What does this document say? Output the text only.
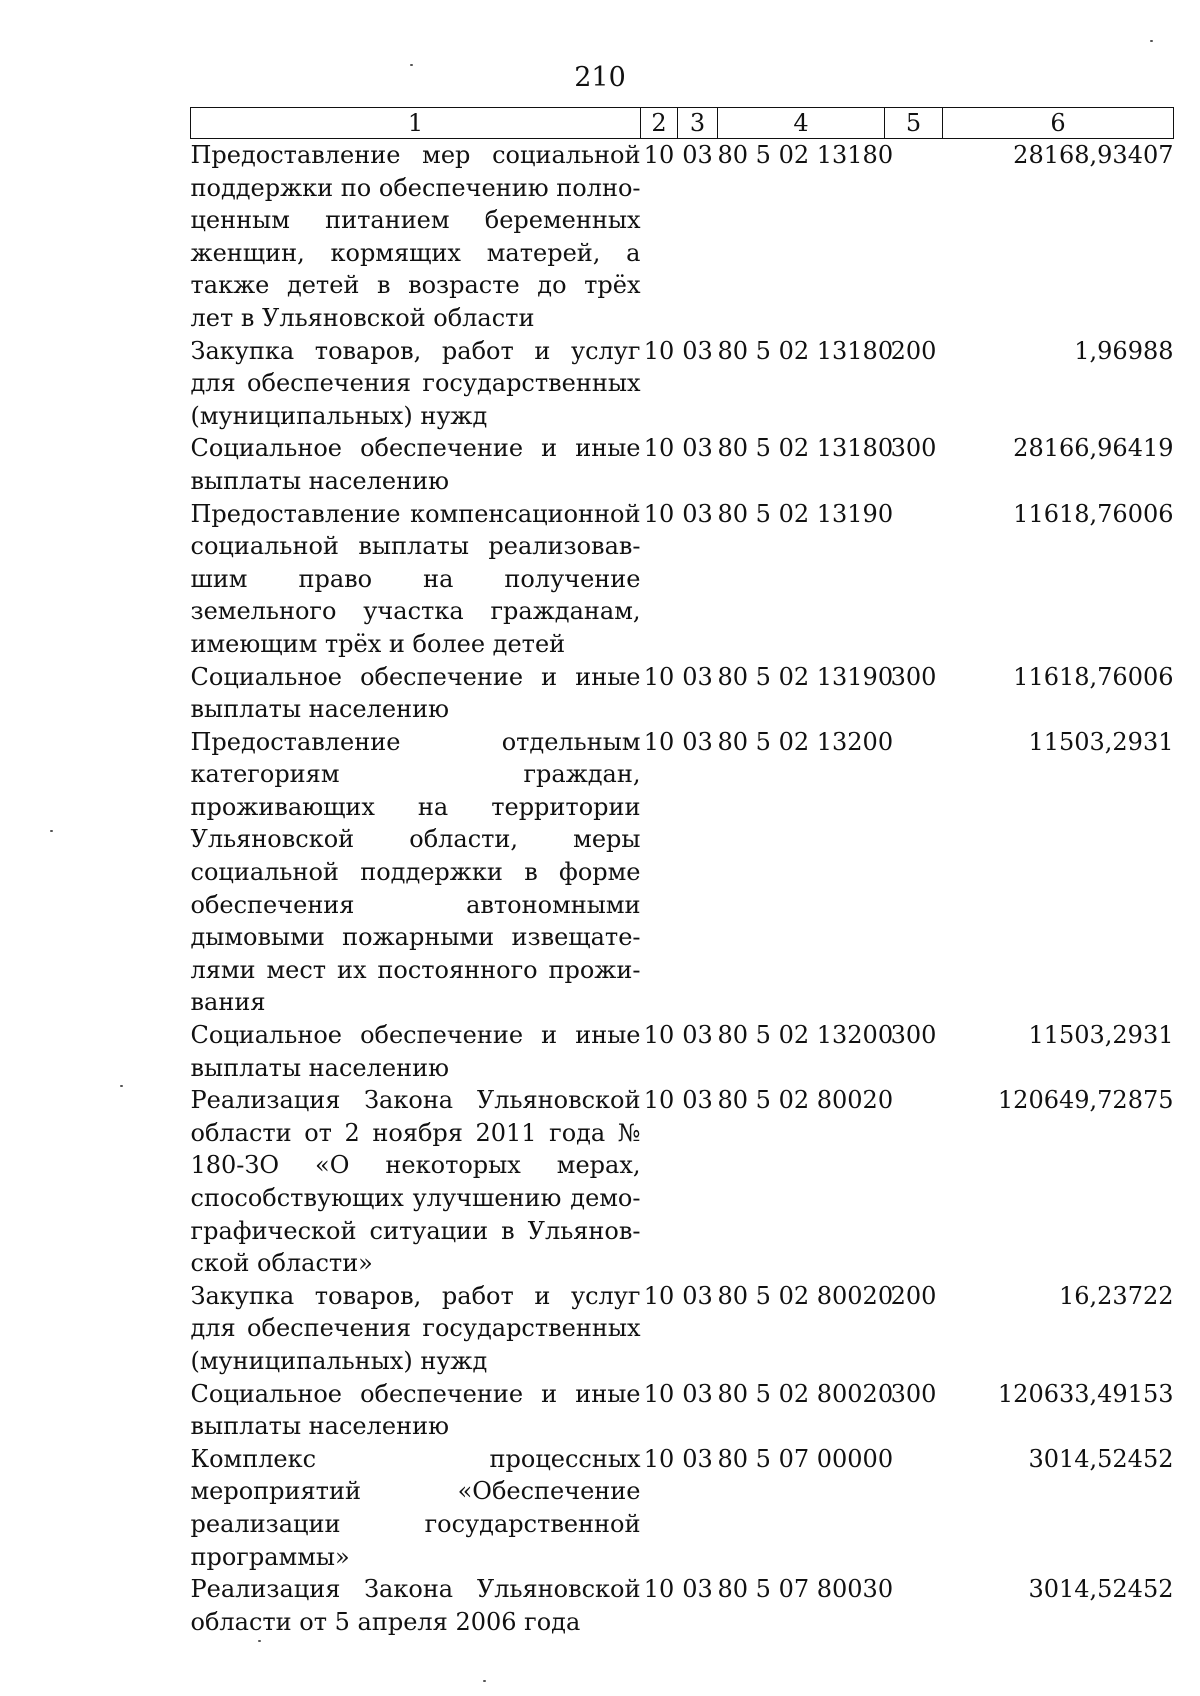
210
1	2	3	4	5	6
Предоставление мер социальной поддержки по обеспечению полноценным питанием беременных женщин, кормящих матерей, а также детей в возрасте до трёх лет в Ульяновской области	10	03	80 5 02 13180		28168,93407
Закупка товаров, работ и услуг для обеспечения государственных (муниципальных) нужд	10	03	80 5 02 13180	200	1,96988
Социальное обеспечение и иные выплаты населению	10	03	80 5 02 13180	300	28166,96419
Предоставление компенсационной социальной выплаты реализовавшим право на получение земельного участка гражданам, имеющим трёх и более детей	10	03	80 5 02 13190		11618,76006
Социальное обеспечение и иные выплаты населению	10	03	80 5 02 13190	300	11618,76006
Предоставление отдельным категориям граждан, проживающих на территории Ульяновской области, меры социальной поддержки в форме обеспечения автономными дымовыми пожарными извещателями мест их постоянного проживания	10	03	80 5 02 13200		11503,2931
Социальное обеспечение и иные выплаты населению	10	03	80 5 02 13200	300	11503,2931
Реализация Закона Ульяновской области от 2 ноября 2011 года № 180-ЗО «О некоторых мерах, способствующих улучшению демографической ситуации в Ульяновской области»	10	03	80 5 02 80020		120649,72875
Закупка товаров, работ и услуг для обеспечения государственных (муниципальных) нужд	10	03	80 5 02 80020	200	16,23722
Социальное обеспечение и иные выплаты населению	10	03	80 5 02 80020	300	120633,49153
Комплекс процессных мероприятий «Обеспечение реализации государственной программы»	10	03	80 5 07 00000		3014,52452
Реализация Закона Ульяновской области от 5 апреля 2006 года	10	03	80 5 07 80030		3014,52452
